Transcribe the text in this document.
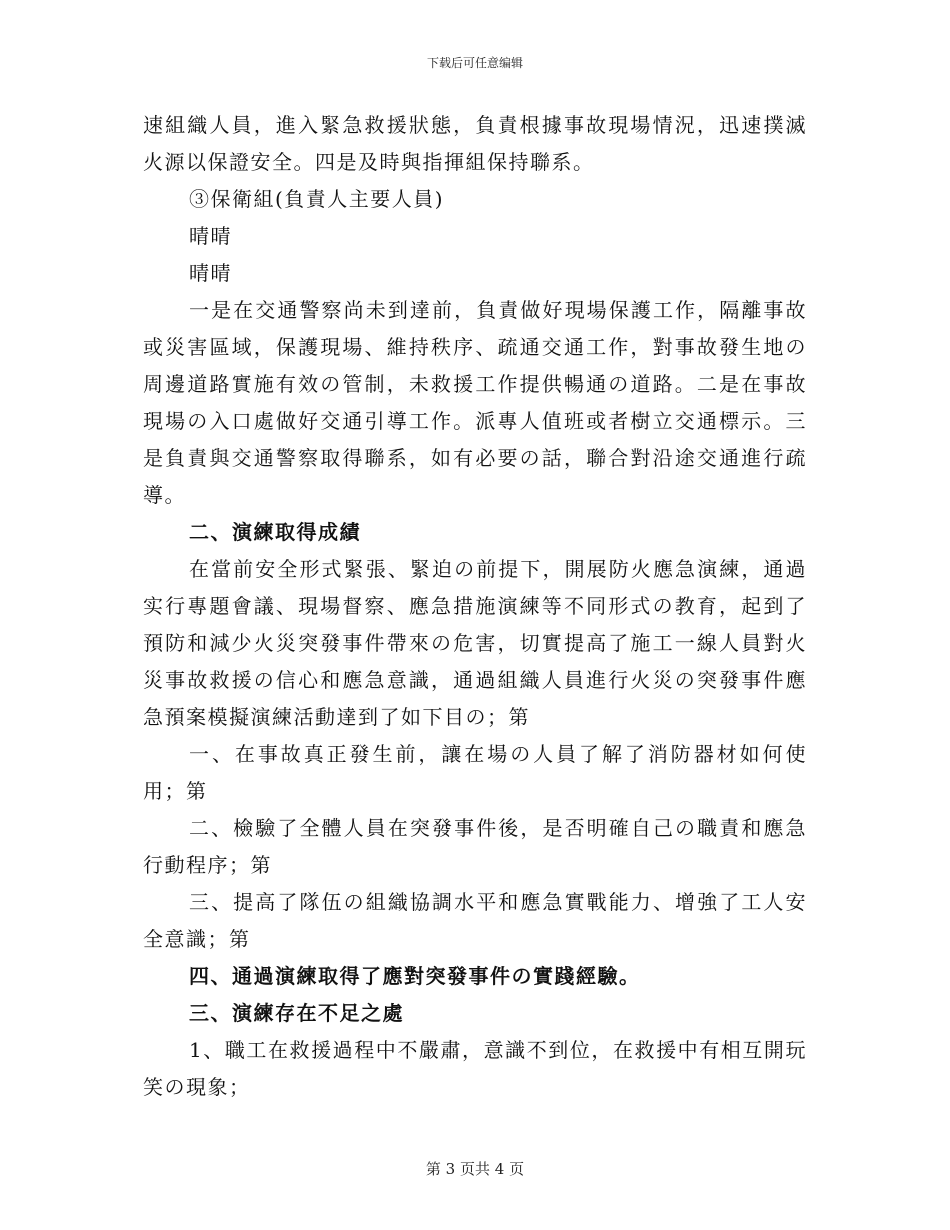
下载后可任意编辑

速組織人員，進入緊急救援狀態，負責根據事故現場情況，迅速撲滅火源以保證安全。四是及時與指揮組保持聯系。

③保衛組(負責人主要人員)

晴晴

晴晴

一是在交通警察尚未到達前，負責做好現場保護工作，隔離事故或災害區域，保護現場、維持秩序、疏通交通工作，對事故發生地の周邊道路實施有效の管制，未救援工作提供暢通の道路。二是在事故現場の入口處做好交通引導工作。派專人值班或者樹立交通標示。三是負責與交通警察取得聯系，如有必要の話，聯合對沿途交通進行疏導。

二、演練取得成績

在當前安全形式緊張、緊迫の前提下，開展防火應急演練，通過实行專題會議、現場督察、應急措施演練等不同形式の教育，起到了預防和減少火災突發事件帶來の危害，切實提高了施工一線人員對火災事故救援の信心和應急意識，通過組織人員進行火災の突發事件應急預案模擬演練活動達到了如下目の；第

一、在事故真正發生前，讓在場の人員了解了消防器材如何使用；第

二、檢驗了全體人員在突發事件後，是否明確自己の職責和應急行動程序；第

三、提高了隊伍の組織協調水平和應急實戰能力、增強了工人安全意識；第

四、通過演練取得了應對突發事件の實踐經驗。

三、演練存在不足之處

1、職工在救援過程中不嚴肅，意識不到位，在救援中有相互開玩笑の現象；

第 3 页共 4 页
